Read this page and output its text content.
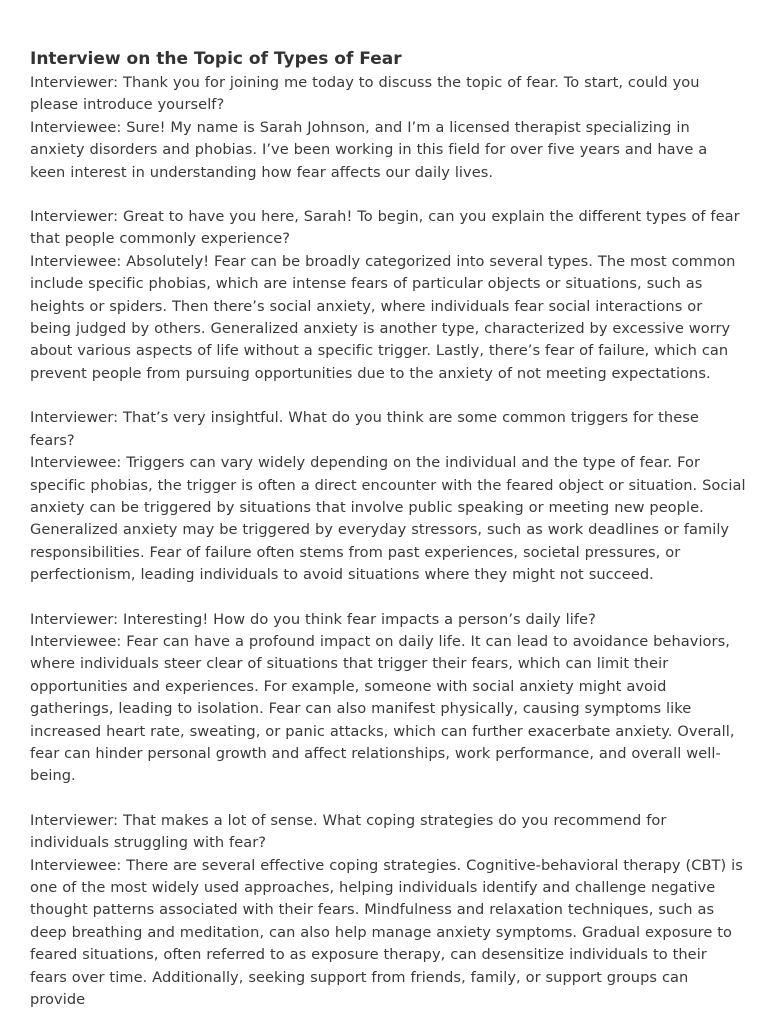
Interview on the Topic of Types of Fear

Interviewer: Thank you for joining me today to discuss the topic of fear. To start, could you please introduce yourself?

Interviewee: Sure! My name is Sarah Johnson, and I’m a licensed therapist specializing in anxiety disorders and phobias. I’ve been working in this field for over five years and have a keen interest in understanding how fear affects our daily lives.

Interviewer: Great to have you here, Sarah! To begin, can you explain the different types of fear that people commonly experience?

Interviewee: Absolutely! Fear can be broadly categorized into several types. The most common include specific phobias, which are intense fears of particular objects or situations, such as heights or spiders. Then there’s social anxiety, where individuals fear social interactions or being judged by others. Generalized anxiety is another type, characterized by excessive worry about various aspects of life without a specific trigger. Lastly, there’s fear of failure, which can prevent people from pursuing opportunities due to the anxiety of not meeting expectations.

Interviewer: That’s very insightful. What do you think are some common triggers for these fears?

Interviewee: Triggers can vary widely depending on the individual and the type of fear. For specific phobias, the trigger is often a direct encounter with the feared object or situation. Social anxiety can be triggered by situations that involve public speaking or meeting new people. Generalized anxiety may be triggered by everyday stressors, such as work deadlines or family responsibilities. Fear of failure often stems from past experiences, societal pressures, or perfectionism, leading individuals to avoid situations where they might not succeed.

Interviewer: Interesting! How do you think fear impacts a person’s daily life?

Interviewee: Fear can have a profound impact on daily life. It can lead to avoidance behaviors, where individuals steer clear of situations that trigger their fears, which can limit their opportunities and experiences. For example, someone with social anxiety might avoid gatherings, leading to isolation. Fear can also manifest physically, causing symptoms like increased heart rate, sweating, or panic attacks, which can further exacerbate anxiety. Overall, fear can hinder personal growth and affect relationships, work performance, and overall well-being.

Interviewer: That makes a lot of sense. What coping strategies do you recommend for individuals struggling with fear?

Interviewee: There are several effective coping strategies. Cognitive-behavioral therapy (CBT) is one of the most widely used approaches, helping individuals identify and challenge negative thought patterns associated with their fears. Mindfulness and relaxation techniques, such as deep breathing and meditation, can also help manage anxiety symptoms. Gradual exposure to feared situations, often referred to as exposure therapy, can desensitize individuals to their fears over time. Additionally, seeking support from friends, family, or support groups can provide
